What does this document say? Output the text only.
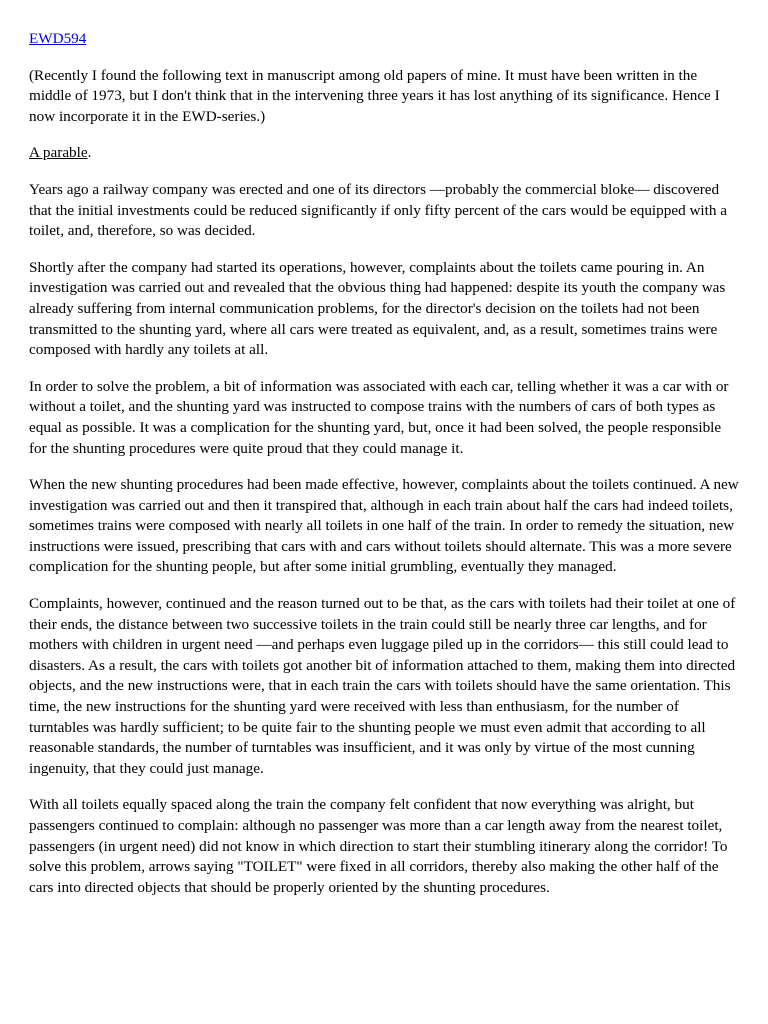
EWD594

(Recently I found the following text in manuscript among old papers of mine. It must have been written in the middle of 1973, but I don't think that in the intervening three years it has lost anything of its significance. Hence I now incorporate it in the EWD-series.)

A parable.

Years ago a railway company was erected and one of its directors —probably the commercial bloke— discovered that the initial investments could be reduced significantly if only fifty percent of the cars would be equipped with a toilet, and, therefore, so was decided.

Shortly after the company had started its operations, however, complaints about the toilets came pouring in. An investigation was carried out and revealed that the obvious thing had happened: despite its youth the company was already suffering from internal communication problems, for the director's decision on the toilets had not been transmitted to the shunting yard, where all cars were treated as equivalent, and, as a result, sometimes trains were composed with hardly any toilets at all.

In order to solve the problem, a bit of information was associated with each car, telling whether it was a car with or without a toilet, and the shunting yard was instructed to compose trains with the numbers of cars of both types as equal as possible. It was a complication for the shunting yard, but, once it had been solved, the people responsible for the shunting procedures were quite proud that they could manage it.

When the new shunting procedures had been made effective, however, complaints about the toilets continued. A new investigation was carried out and then it transpired that, although in each train about half the cars had indeed toilets, sometimes trains were composed with nearly all toilets in one half of the train. In order to remedy the situation, new instructions were issued, prescribing that cars with and cars without toilets should alternate. This was a more severe complication for the shunting people, but after some initial grumbling, eventually they managed.

Complaints, however, continued and the reason turned out to be that, as the cars with toilets had their toilet at one of their ends, the distance between two successive toilets in the train could still be nearly three car lengths, and for mothers with children in urgent need —and perhaps even luggage piled up in the corridors— this still could lead to disasters. As a result, the cars with toilets got another bit of information attached to them, making them into directed objects, and the new instructions were, that in each train the cars with toilets should have the same orientation. This time, the new instructions for the shunting yard were received with less than enthusiasm, for the number of turntables was hardly sufficient; to be quite fair to the shunting people we must even admit that according to all reasonable standards, the number of turntables was insufficient, and it was only by virtue of the most cunning ingenuity, that they could just manage.

With all toilets equally spaced along the train the company felt confident that now everything was alright, but passengers continued to complain: although no passenger was more than a car length away from the nearest toilet, passengers (in urgent need) did not know in which direction to start their stumbling itinerary along the corridor! To solve this problem, arrows saying "TOILET" were fixed in all corridors, thereby also making the other half of the cars into directed objects that should be properly oriented by the shunting procedures.
